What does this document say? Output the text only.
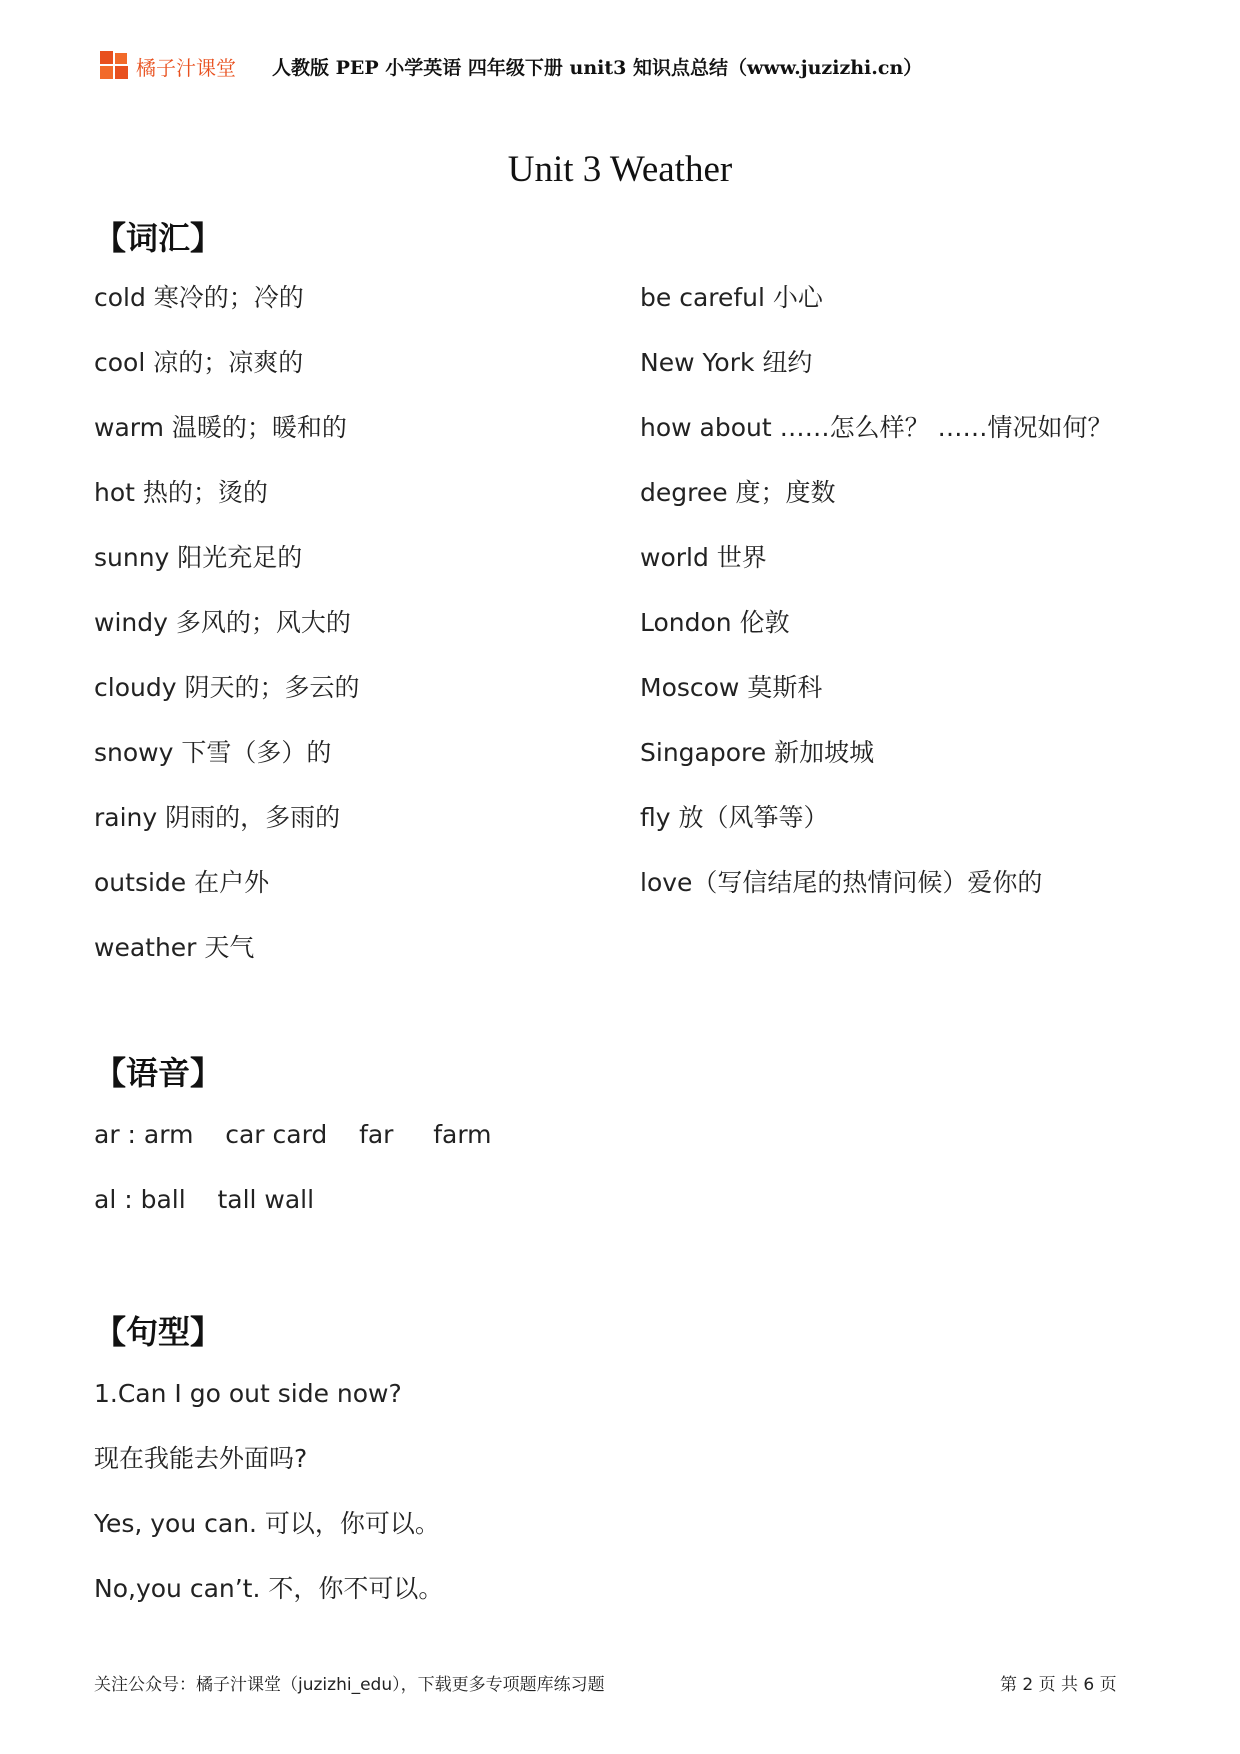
橘子汁课堂 人教版 PEP 小学英语 四年级下册 unit3 知识点总结（www.juzizhi.cn）
Unit 3 Weather
【词汇】
cold 寒冷的；冷的
cool 凉的；凉爽的
warm 温暖的；暖和的
hot 热的；烫的
sunny 阳光充足的
windy 多风的；风大的
cloudy 阴天的；多云的
snowy 下雪（多）的
rainy 阴雨的，多雨的
outside 在户外
weather 天气
be careful 小心
New York 纽约
how about ……怎么样？ ……情况如何？
degree 度；度数
world 世界
London 伦敦
Moscow 莫斯科
Singapore 新加坡城
fly 放（风筝等）
love（写信结尾的热情问候）爱你的
【语音】
ar : arm    car card    far     farm
al : ball    tall wall
【句型】
1.Can I go out side now?
现在我能去外面吗?
Yes, you can. 可以，你可以。
No,you can’t. 不，你不可以。
关注公众号：橘子汁课堂（juzizhi_edu），下载更多专项题库练习题	第 2 页 共 6 页
